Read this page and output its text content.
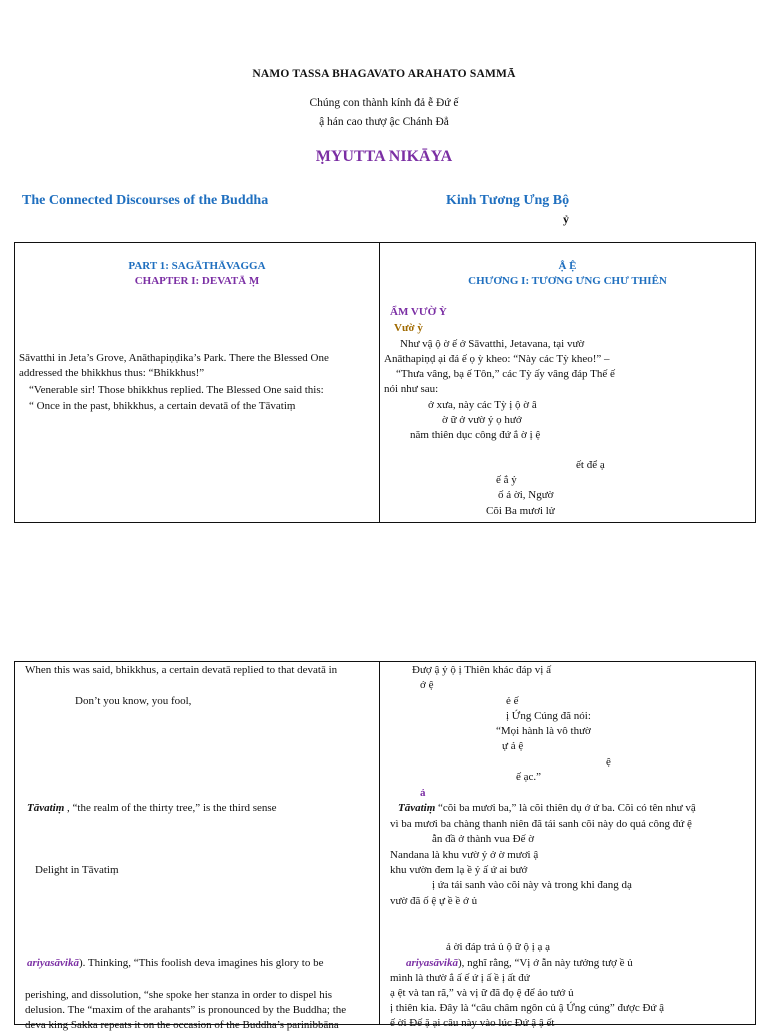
NAMO TASSA BHAGAVATO ARAHATO SAMMĀ
Chúng con thành kính đả ễ Đứ ế
ậ hán cao thượ ậc Chánh Đẳ
ṂYUTTA NIKĀYA
The Connected Discourses of the Buddha	Kinh Tương Ưng Bộ
ỷ
PART 1: SAGĀTHĀVAGGA
CHAPTER I: DEVATĀ Ṃ
Sāvatthi in Jeta’s Grove, Anāthapiṇḍika’s Park. There the Blessed One
addressed the bhikkhus thus: “Bhikkhus!”
“Venerable sir! Those bhikkhus replied. The Blessed One said this:
“ Once in the past, bhikkhus, a certain devatā of the Tāvatiṃ

Ậ Ệ
CHƯƠNG I: TƯƠNG ƯNG CHƯ THIÊN
ẨM VƯỜ Ỳ
Vườ ỳ
Như vậ ộ ờ ế ở Sāvatthi, Jetavana, tại vườ
Anāthapiṇḍ ại đả ế ọ ỳ kheo: “Này các Tỳ kheo!” –
“Thưa vâng, bạ ế Tôn,” các Tỳ ấy vâng đáp Thế ế
nói như sau:
ở xưa, này các Tỳ ị ộ ờ â
ờ ữ ở vườ ỷ ọ hướ
năm thiên dục công đứ ắ ờ ị ệ
ết để ạ
ế ắ ỷ
ố ả ời, Ngườ
Cõi Ba mươi lử
When this was said, bhikkhus, a certain devatā replied to that devatā in
Don’t you know, you fool,
Tāvatiṃ , “the realm of the thirty tree,” is the third sense
Delight in Tāvatiṃ
ariyasāvikā). Thinking, “This foolish deva imagines his glory to be
perishing, and dissolution, “she spoke her stanza in order to dispel his
delusion. The “maxim of the arahants” is pronounced by the Buddha; the
deva king Sakka repeats it on the occasion of the Buddha’s parinibbāna

Đượ ậ ỷ ộ ị Thiên khác đáp vị ấ
ớ ệ
ẻ ế
ị Ứng Cúng đã nói:
“Mọi hành là vô thườ
ự ả ệ
ệ
ế ạc.”
ả
Tāvatiṃ “cõi ba mươi ba,” là cõi thiên dụ ớ ứ ba. Cõi có tên như vậ
vì ba mươi ba chàng thanh niên đã tái sanh cõi này do quả công đứ ệ
ẫn đầ ở thành vua Đế ờ
Nandana là khu vườ ỷ ở ờ mươi ậ
khu vườn đem lạ ề ỷ ấ ứ ai bướ
ị ứa tái sanh vào cõi này và trong khi đang dạ
vườ đã ố ệ ự ề ề ớ ủ
ả ời đáp trả ủ ộ ữ ộ ị ạ ạ
ariyasāvikā), nghĩ rằng, “Vị ớ ẫn này tưởng tượ ề ủ
mình là thườ ắ ấ ế ứ ị ấ ề ị ất đứ
ạ ệt và tan rã,” và vị ữ đã đọ ệ để ảo tướ ủ
ị thiên kia. Đây là “câu châm ngôn củ ậ Ứng cúng” được Đứ ậ
ế ời Đế ặ ại câu này vào lúc Đứ ậ ậ ết
